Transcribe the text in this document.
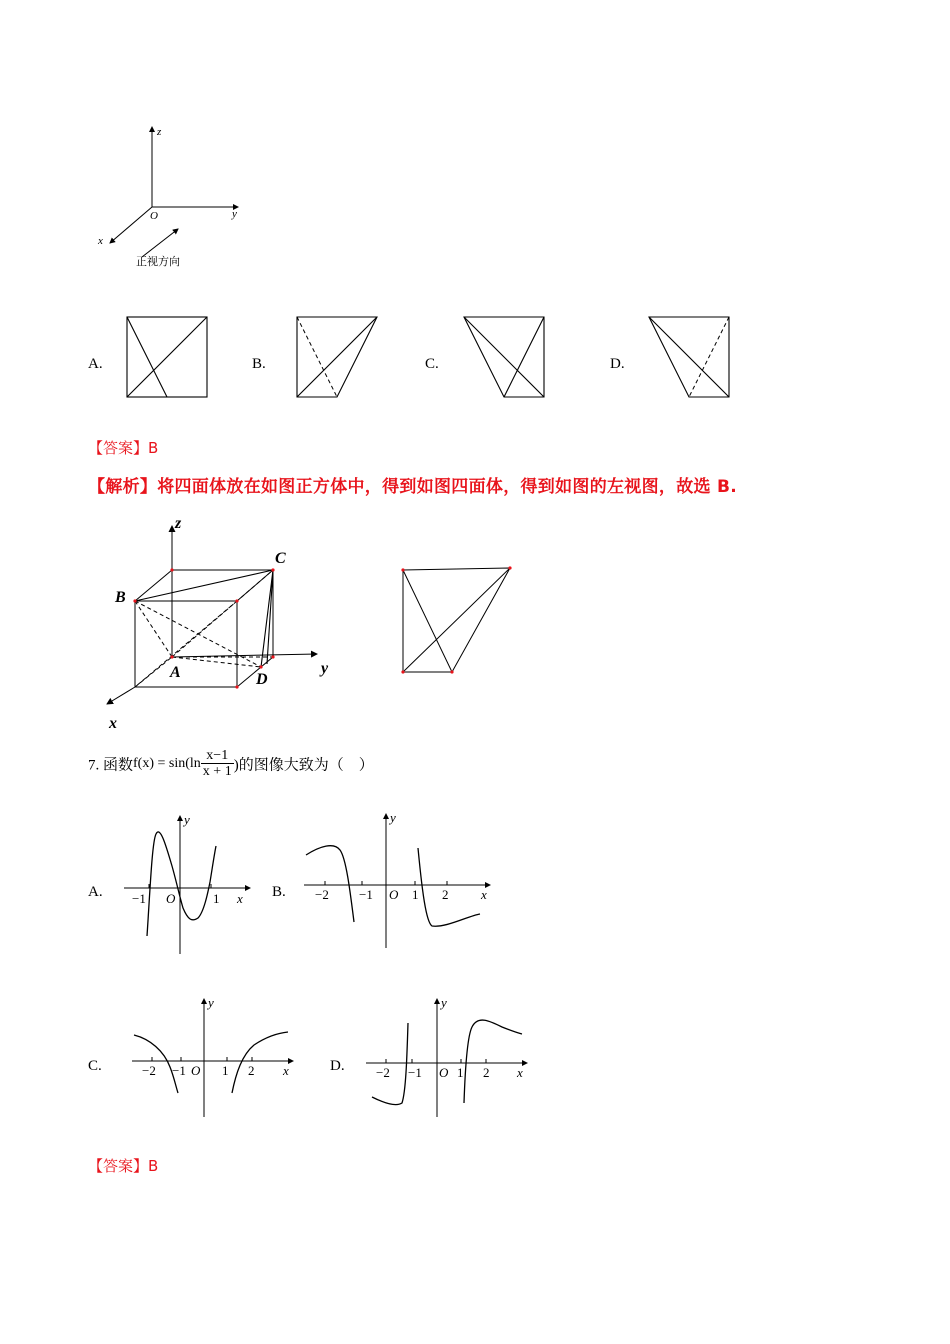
z
y
x
O
正视方向
A.	B.	C.	D.
【答案】B
【解析】将四面体放在如图正方体中，得到如图四面体，得到如图的左视图，故选 B.
z
y
x
A
B
C
D
7. 函数$f(x) = \sin(\ln \frac{x-1}{x + 1}$ )的图像大致为（　）
A. −1 O	1 x
y
B. −2 −1 O 1 2	x
y
C.	−2 −1 O 1 2 x
y
D. −2 −1 O 1 2 x
y
【答案】B
